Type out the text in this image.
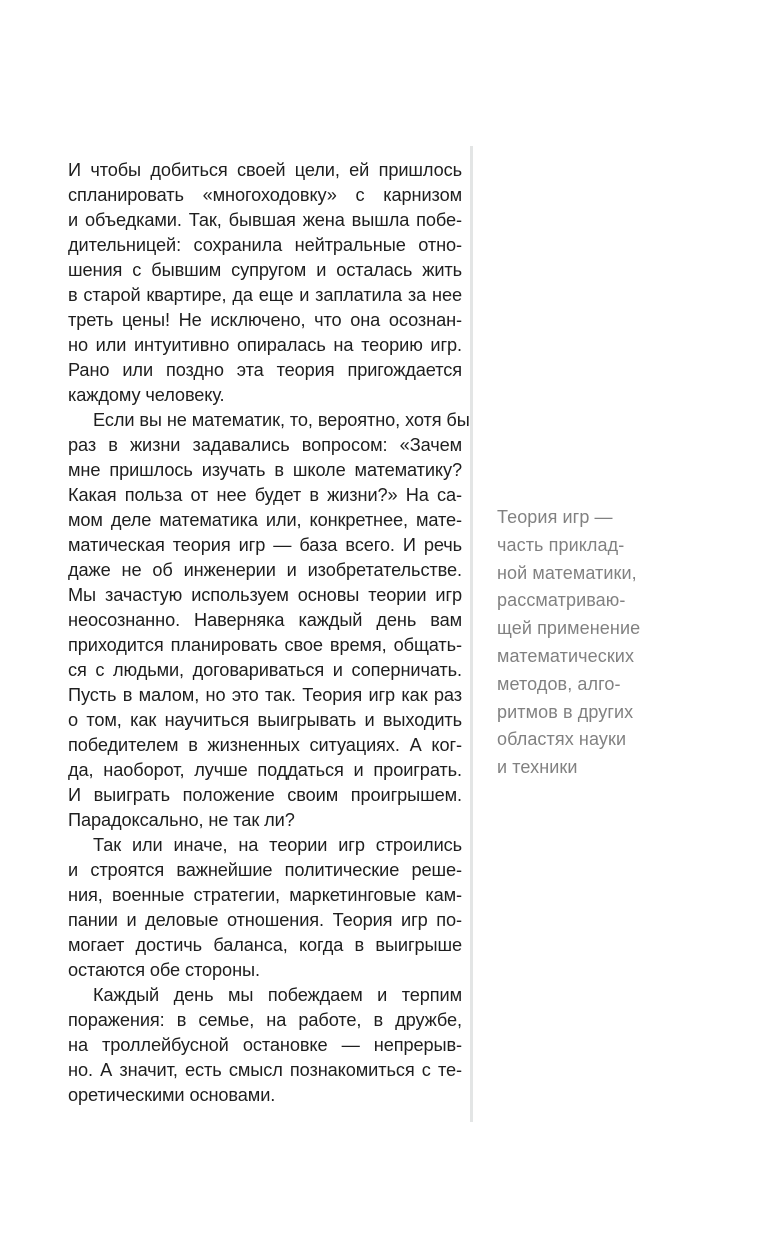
И чтобы добиться своей цели, ей пришлось
спланировать «многоходовку» с карнизом
и объедками. Так, бывшая жена вышла побе-
дительницей: сохранила нейтральные отно-
шения с бывшим супругом и осталась жить
в старой квартире, да еще и заплатила за нее
треть цены! Не исключено, что она осознан-
но или интуитивно опиралась на теорию игр.
Рано или поздно эта теория пригождается
каждому человеку.
Если вы не математик, то, вероятно, хотя бы
раз в жизни задавались вопросом: «Зачем
мне пришлось изучать в школе математику?
Какая польза от нее будет в жизни?» На са-
мом деле математика или, конкретнее, мате-
матическая теория игр — база всего. И речь
даже не об инженерии и изобретательстве.
Мы зачастую используем основы теории игр
неосознанно. Наверняка каждый день вам
приходится планировать свое время, общать-
ся с людьми, договариваться и соперничать.
Пусть в малом, но это так. Теория игр как раз
о том, как научиться выигрывать и выходить
победителем в жизненных ситуациях. А ког-
да, наоборот, лучше поддаться и проиграть.
И выиграть положение своим проигрышем.
Парадоксально, не так ли?
Так или иначе, на теории игр строились
и строятся важнейшие политические реше-
ния, военные стратегии, маркетинговые кам-
пании и деловые отношения. Теория игр по-
могает достичь баланса, когда в выигрыше
остаются обе стороны.
Каждый день мы побеждаем и терпим
поражения: в семье, на работе, в дружбе,
на троллейбусной остановке — непрерыв-
но. А значит, есть смысл познакомиться с те-
оретическими основами.
Теория игр —
часть приклад-
ной математики,
рассматриваю-
щей применение
математических
методов, алго-
ритмов в других
областях науки
и техники
